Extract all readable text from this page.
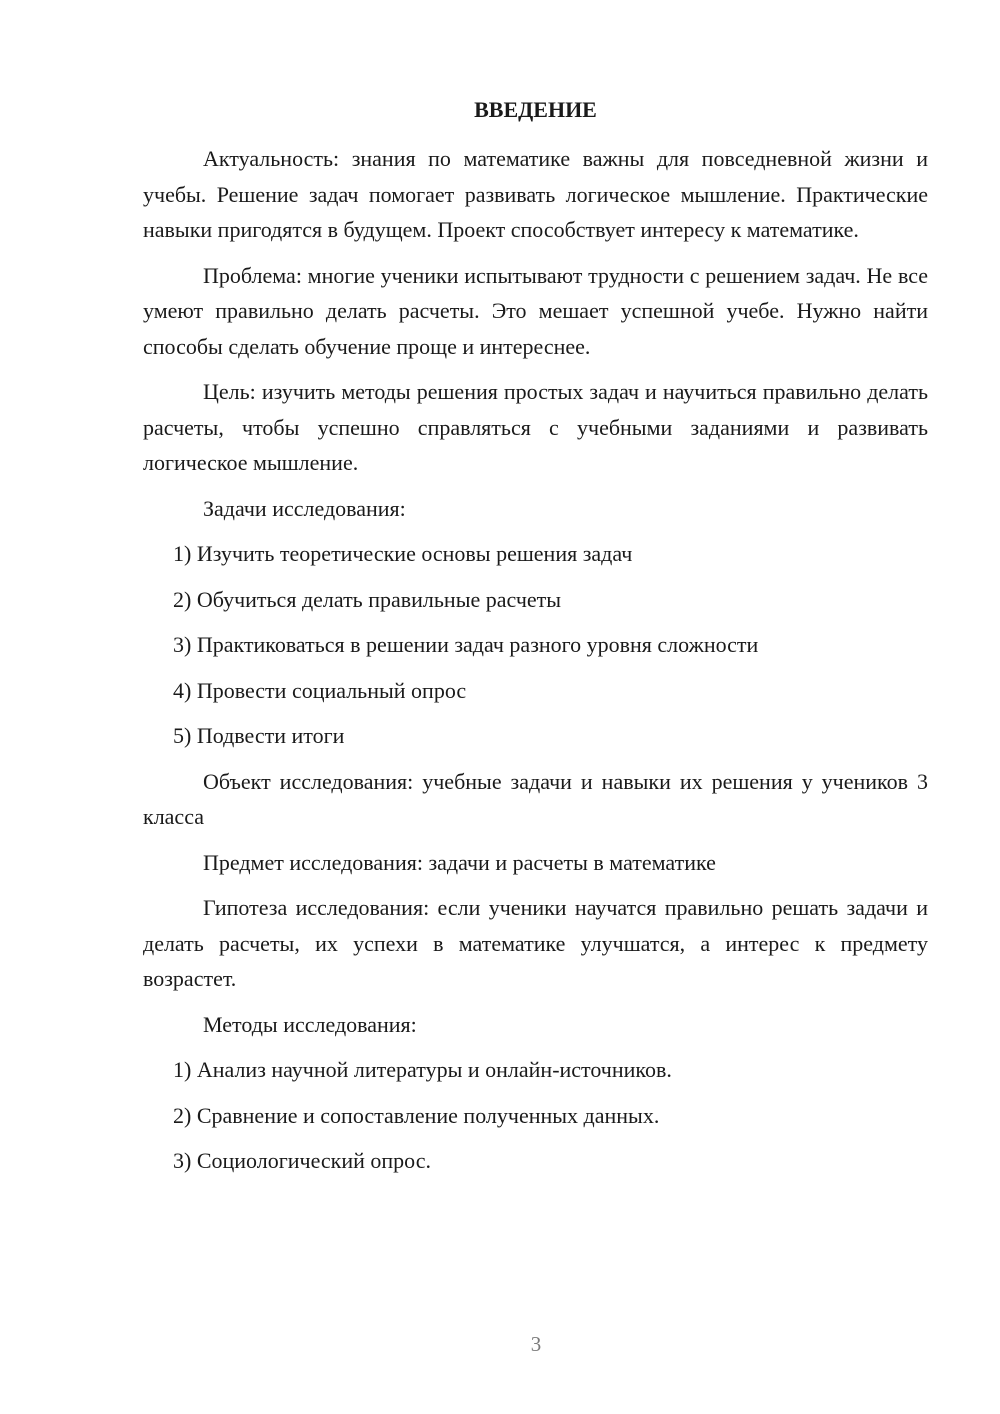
ВВЕДЕНИЕ
Актуальность: знания по математике важны для повседневной жизни и учебы. Решение задач помогает развивать логическое мышление. Практические навыки пригодятся в будущем. Проект способствует интересу к математике.
Проблема: многие ученики испытывают трудности с решением задач. Не все умеют правильно делать расчеты. Это мешает успешной учебе. Нужно найти способы сделать обучение проще и интереснее.
Цель: изучить методы решения простых задач и научиться правильно делать расчеты, чтобы успешно справляться с учебными заданиями и развивать логическое мышление.
Задачи исследования:
1) Изучить теоретические основы решения задач
2) Обучиться делать правильные расчеты
3) Практиковаться в решении задач разного уровня сложности
4) Провести социальный опрос
5) Подвести итоги
Объект исследования: учебные задачи и навыки их решения у учеников 3 класса
Предмет исследования: задачи и расчеты в математике
Гипотеза исследования: если ученики научатся правильно решать задачи и делать расчеты, их успехи в математике улучшатся, а интерес к предмету возрастет.
Методы исследования:
1) Анализ научной литературы и онлайн-источников.
2) Сравнение и сопоставление полученных данных.
3) Социологический опрос.
3
